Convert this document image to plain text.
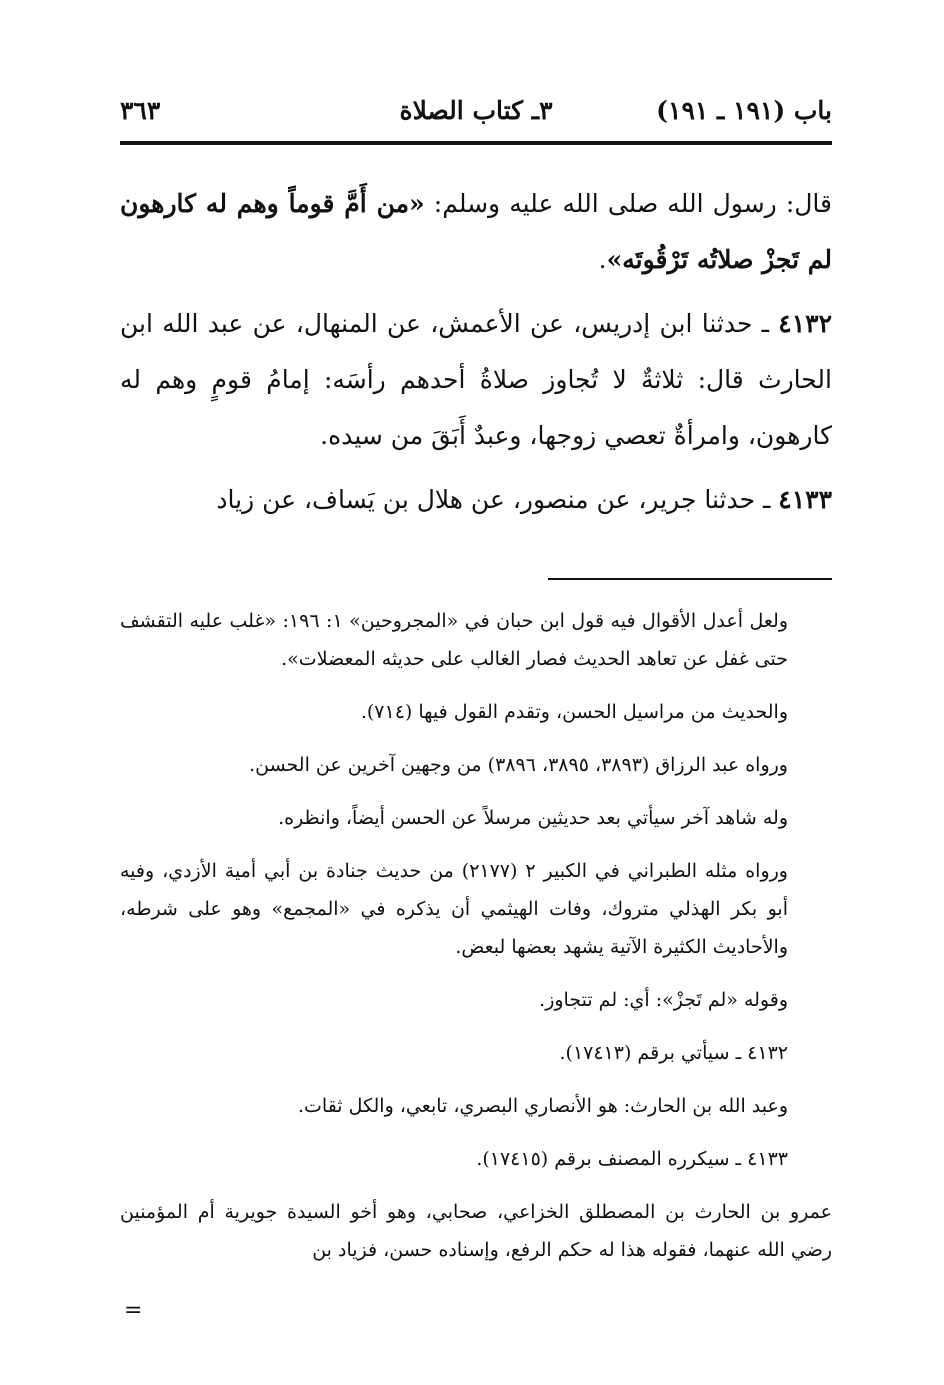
باب (١٩١ ـ ١٩١)
٣ـ كتاب الصلاة
٣٦٣

قال: رسول الله صلى الله عليه وسلم: «من أَمَّ قوماً وهم له كارهون لم تَجزْ صلاتُه تَرْقُوتَه».

٤١٣٢ ـ حدثنا ابن إدريس، عن الأعمش، عن المنهال، عن عبد الله ابن الحارث قال: ثلاثةٌ لا تُجاوز صلاةُ أحدهم رأسَه: إمامُ قومٍ وهم له كارهون، وامرأةٌ تعصي زوجها، وعبدٌ أَبَقَ من سيده.

٤١٣٣ ـ حدثنا جرير، عن منصور، عن هلال بن يَساف، عن زياد

ولعل أعدل الأقوال فيه قول ابن حبان في «المجروحين» ١: ١٩٦: «غلب عليه التقشف حتى غفل عن تعاهد الحديث فصار الغالب على حديثه المعضلات».

والحديث من مراسيل الحسن، وتقدم القول فيها (٧١٤).

ورواه عبد الرزاق (٣٨٩٣، ٣٨٩٥، ٣٨٩٦) من وجهين آخرين عن الحسن.

وله شاهد آخر سيأتي بعد حديثين مرسلاً عن الحسن أيضاً، وانظره.

ورواه مثله الطبراني في الكبير ٢ (٢١٧٧) من حديث جنادة بن أبي أمية الأزدي، وفيه أبو بكر الهذلي متروك، وفات الهيثمي أن يذكره في «المجمع» وهو على شرطه، والأحاديث الكثيرة الآتية يشهد بعضها لبعض.

وقوله «لم تَجزْ»: أي: لم تتجاوز.

٤١٣٢ ـ سيأتي برقم (١٧٤١٣).

وعبد الله بن الحارث: هو الأنصاري البصري، تابعي، والكل ثقات.

٤١٣٣ ـ سيكرره المصنف برقم (١٧٤١٥).

عمرو بن الحارث بن المصطلق الخزاعي، صحابي، وهو أخو السيدة جويرية أم المؤمنين رضي الله عنهما، فقوله هذا له حكم الرفع، وإسناده حسن، فزياد بن

=
